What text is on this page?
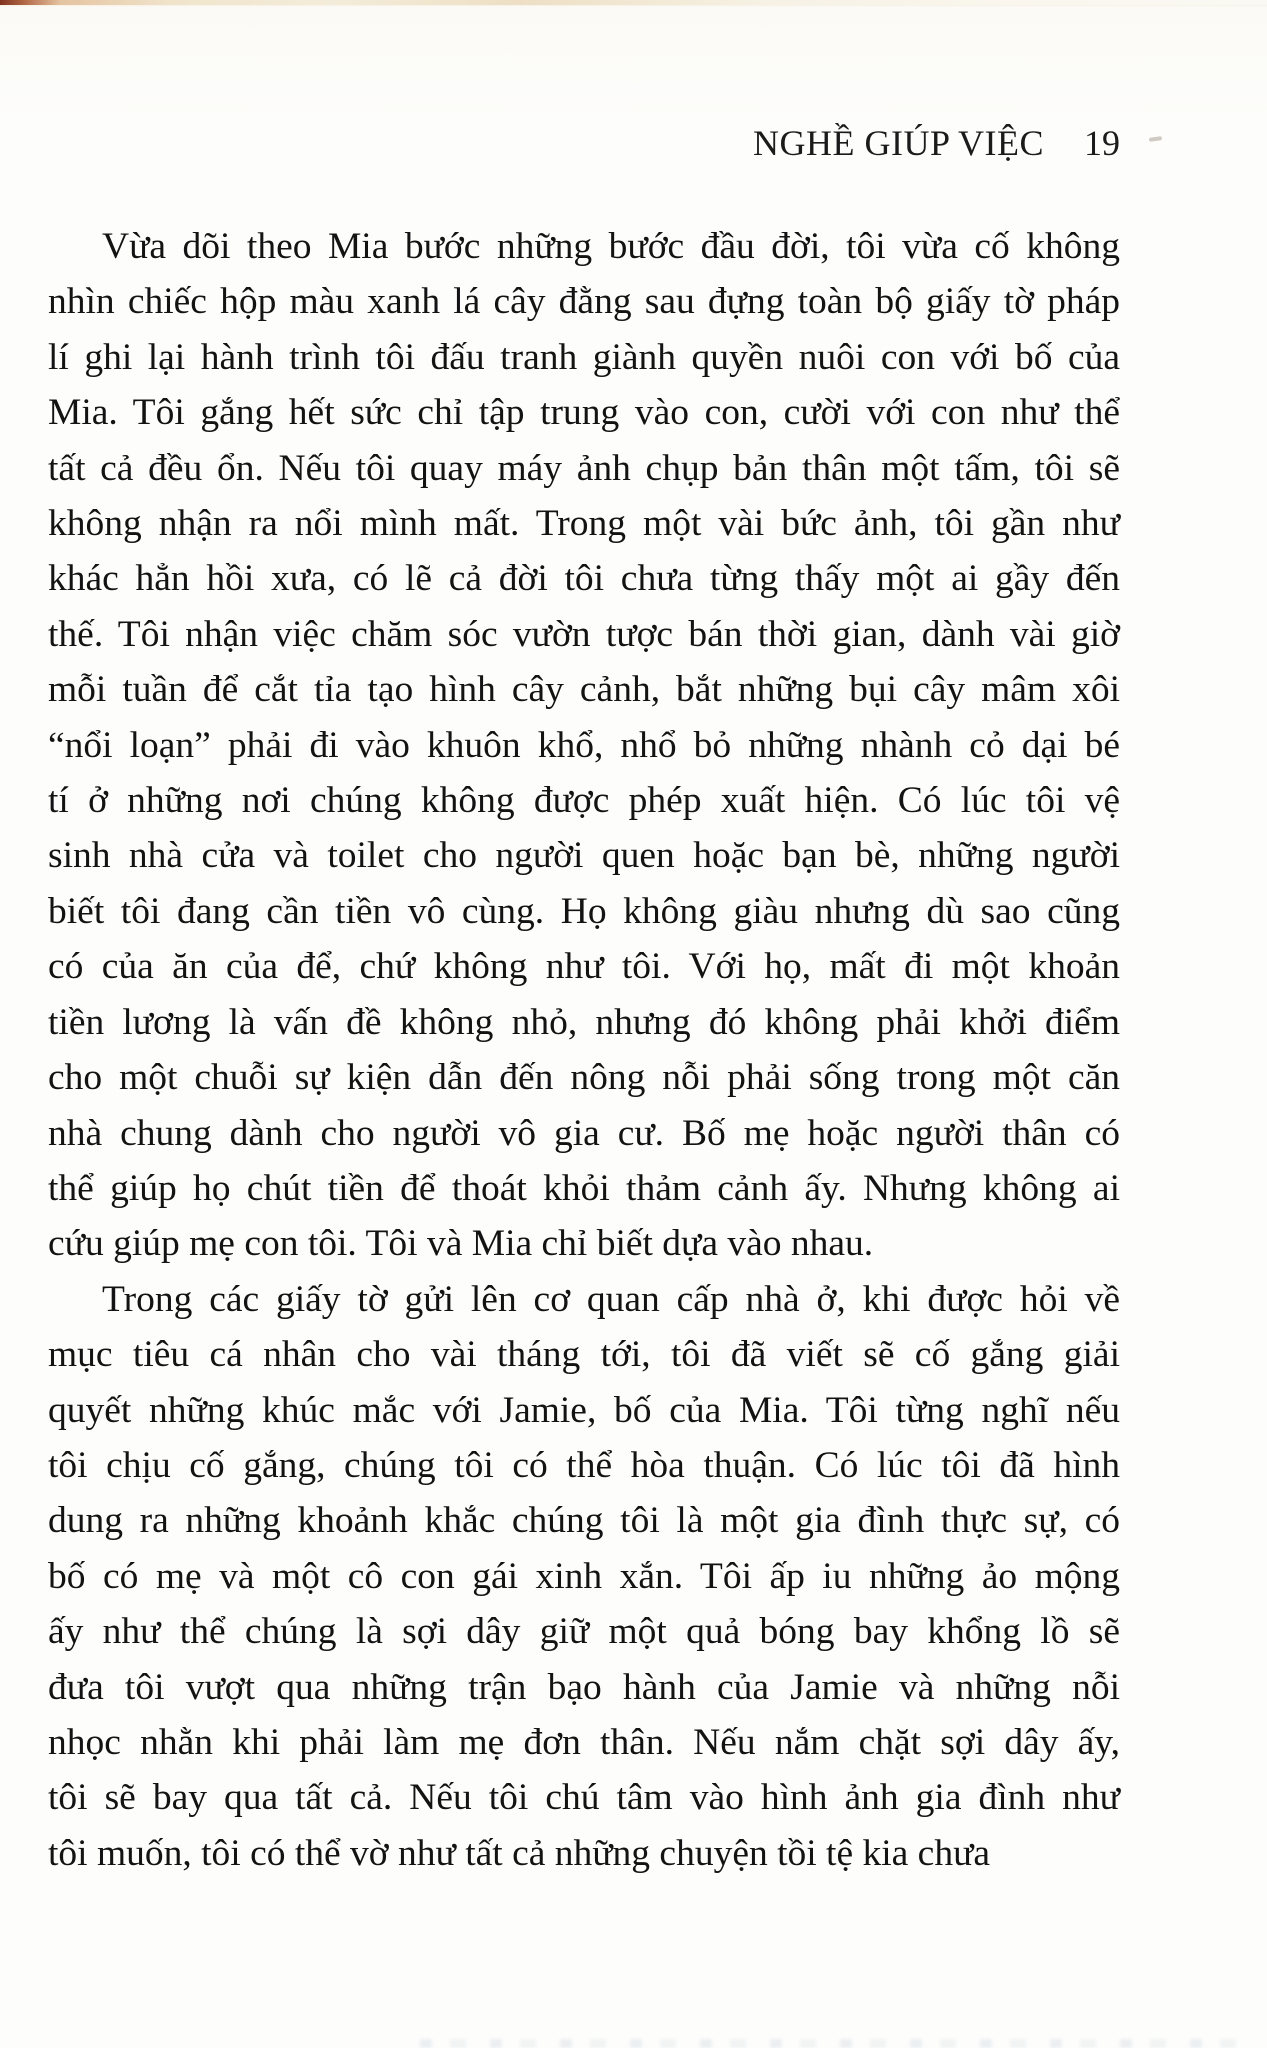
NGHỀ GIÚP VIỆC 19
Vừa dõi theo Mia bước những bước đầu đời, tôi vừa cố không
nhìn chiếc hộp màu xanh lá cây đằng sau đựng toàn bộ giấy tờ pháp
lí ghi lại hành trình tôi đấu tranh giành quyền nuôi con với bố của
Mia. Tôi gắng hết sức chỉ tập trung vào con, cười với con như thể
tất cả đều ổn. Nếu tôi quay máy ảnh chụp bản thân một tấm, tôi sẽ
không nhận ra nổi mình mất. Trong một vài bức ảnh, tôi gần như
khác hẳn hồi xưa, có lẽ cả đời tôi chưa từng thấy một ai gầy đến
thế. Tôi nhận việc chăm sóc vườn tược bán thời gian, dành vài giờ
mỗi tuần để cắt tỉa tạo hình cây cảnh, bắt những bụi cây mâm xôi
“nổi loạn” phải đi vào khuôn khổ, nhổ bỏ những nhành cỏ dại bé
tí ở những nơi chúng không được phép xuất hiện. Có lúc tôi vệ
sinh nhà cửa và toilet cho người quen hoặc bạn bè, những người
biết tôi đang cần tiền vô cùng. Họ không giàu nhưng dù sao cũng
có của ăn của để, chứ không như tôi. Với họ, mất đi một khoản
tiền lương là vấn đề không nhỏ, nhưng đó không phải khởi điểm
cho một chuỗi sự kiện dẫn đến nông nỗi phải sống trong một căn
nhà chung dành cho người vô gia cư. Bố mẹ hoặc người thân có
thể giúp họ chút tiền để thoát khỏi thảm cảnh ấy. Nhưng không ai
cứu giúp mẹ con tôi. Tôi và Mia chỉ biết dựa vào nhau.
Trong các giấy tờ gửi lên cơ quan cấp nhà ở, khi được hỏi về
mục tiêu cá nhân cho vài tháng tới, tôi đã viết sẽ cố gắng giải
quyết những khúc mắc với Jamie, bố của Mia. Tôi từng nghĩ nếu
tôi chịu cố gắng, chúng tôi có thể hòa thuận. Có lúc tôi đã hình
dung ra những khoảnh khắc chúng tôi là một gia đình thực sự, có
bố có mẹ và một cô con gái xinh xắn. Tôi ấp iu những ảo mộng
ấy như thể chúng là sợi dây giữ một quả bóng bay khổng lồ sẽ
đưa tôi vượt qua những trận bạo hành của Jamie và những nỗi
nhọc nhằn khi phải làm mẹ đơn thân. Nếu nắm chặt sợi dây ấy,
tôi sẽ bay qua tất cả. Nếu tôi chú tâm vào hình ảnh gia đình như
tôi muốn, tôi có thể vờ như tất cả những chuyện tồi tệ kia chưa
